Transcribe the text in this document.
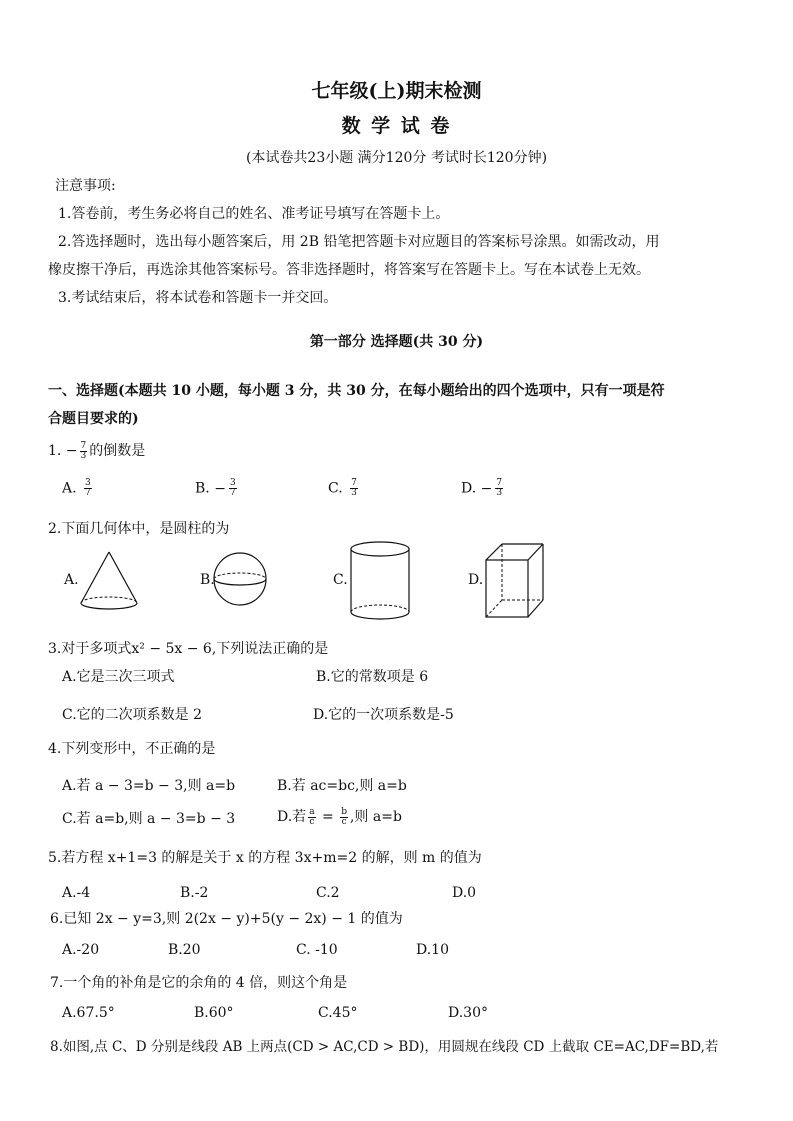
七年级(上)期末检测
数 学 试 卷
(本试卷共23小题 满分120分 考试时长120分钟)
注意事项:
1.答卷前，考生务必将自己的姓名、准考证号填写在答题卡上。
2.答选择题时，选出每小题答案后，用 2B 铅笔把答题卡对应题目的答案标号涂黑。如需改动，用
橡皮擦干净后，再选涂其他答案标号。答非选择题时，将答案写在答题卡上。写在本试卷上无效。
3.考试结束后，将本试卷和答题卡一并交回。
第一部分 选择题(共 30 分)
一、选择题(本题共 10 小题，每小题 3 分，共 30 分，在每小题给出的四个选项中，只有一项是符
合题目要求的)
1. − $\frac{7}{3}$ 的倒数是
A. $\frac{3}{7}$	B. − $\frac{3}{7}$	C. $\frac{7}{3}$	D. − $\frac{7}{3}$
2.下面几何体中，是圆柱的为
A.	B.	C.	D.
3.对于多项式x² − 5x − 6,下列说法正确的是
A.它是三次三项式	B.它的常数项是 6
C.它的二次项系数是 2	D.它的一次项系数是-5
4.下列变形中，不正确的是
A.若 a − 3=b − 3,则 a=b	B.若 ac=bc,则 a=b
C.若 a=b,则 a − 3=b − 3	D.若 $\frac{a}{c} = \frac{b}{c}$ ,则 a=b
5.若方程 x+1=3 的解是关于 x 的方程 3x+m=2 的解，则 m 的值为
A.-4	B.-2	C.2	D.0
6.已知 2x − y=3,则 2(2x − y)+5(y − 2x) − 1 的值为
A.-20	B.20	C. -10	D.10
7.一个角的补角是它的余角的 4 倍，则这个角是
A.67.5°	B.60°	C.45°	D.30°
8.如图,点 C、D 分别是线段 AB 上两点(CD > AC,CD > BD)，用圆规在线段 CD 上截取 CE=AC,DF=BD,若
